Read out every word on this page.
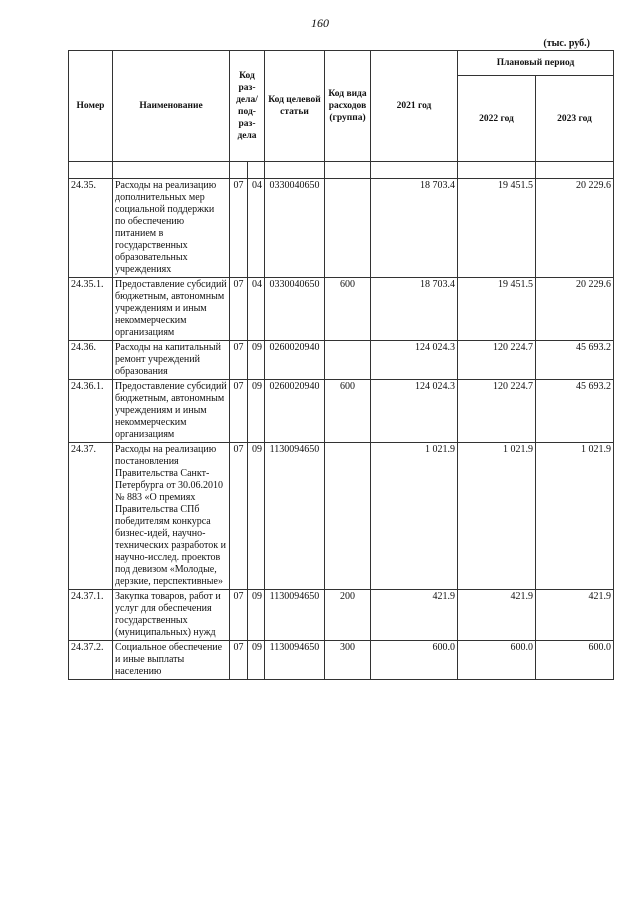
160
(тыс. руб.)
Номер	Наименование	Код раз- дела/ под- раз- дела		Код целевой статьи	Код вида расходов (группа)	2021 год	Плановый период	
							2022 год	2023 год

24.35.	Расходы на реализацию дополнительных мер социальной поддержки по обеспечению питанием в государственных образовательных учреждениях	07	04	0330040650		18 703.4	19 451.5	20 229.6
24.35.1.	Предоставление субсидий бюджетным, автономным учреждениям и иным некоммерческим организациям	07	04	0330040650	600	18 703.4	19 451.5	20 229.6
24.36.	Расходы на капитальный ремонт учреждений образования	07	09	0260020940		124 024.3	120 224.7	45 693.2
24.36.1.	Предоставление субсидий бюджетным, автономным учреждениям и иным некоммерческим организациям	07	09	0260020940	600	124 024.3	120 224.7	45 693.2
24.37.	Расходы на реализацию постановления Правительства Санкт-Петербурга от 30.06.2010 № 883 «О премиях Правительства СПб победителям конкурса бизнес-идей, научно-технических разработок и научно-исслед. проектов под девизом «Молодые, дерзкие, перспективные»	07	09	1130094650		1 021.9	1 021.9	1 021.9
24.37.1.	Закупка товаров, работ и услуг для обеспечения государственных (муниципальных) нужд	07	09	1130094650	200	421.9	421.9	421.9
24.37.2.	Социальное обеспечение и иные выплаты населению	07	09	1130094650	300	600.0	600.0	600.0
